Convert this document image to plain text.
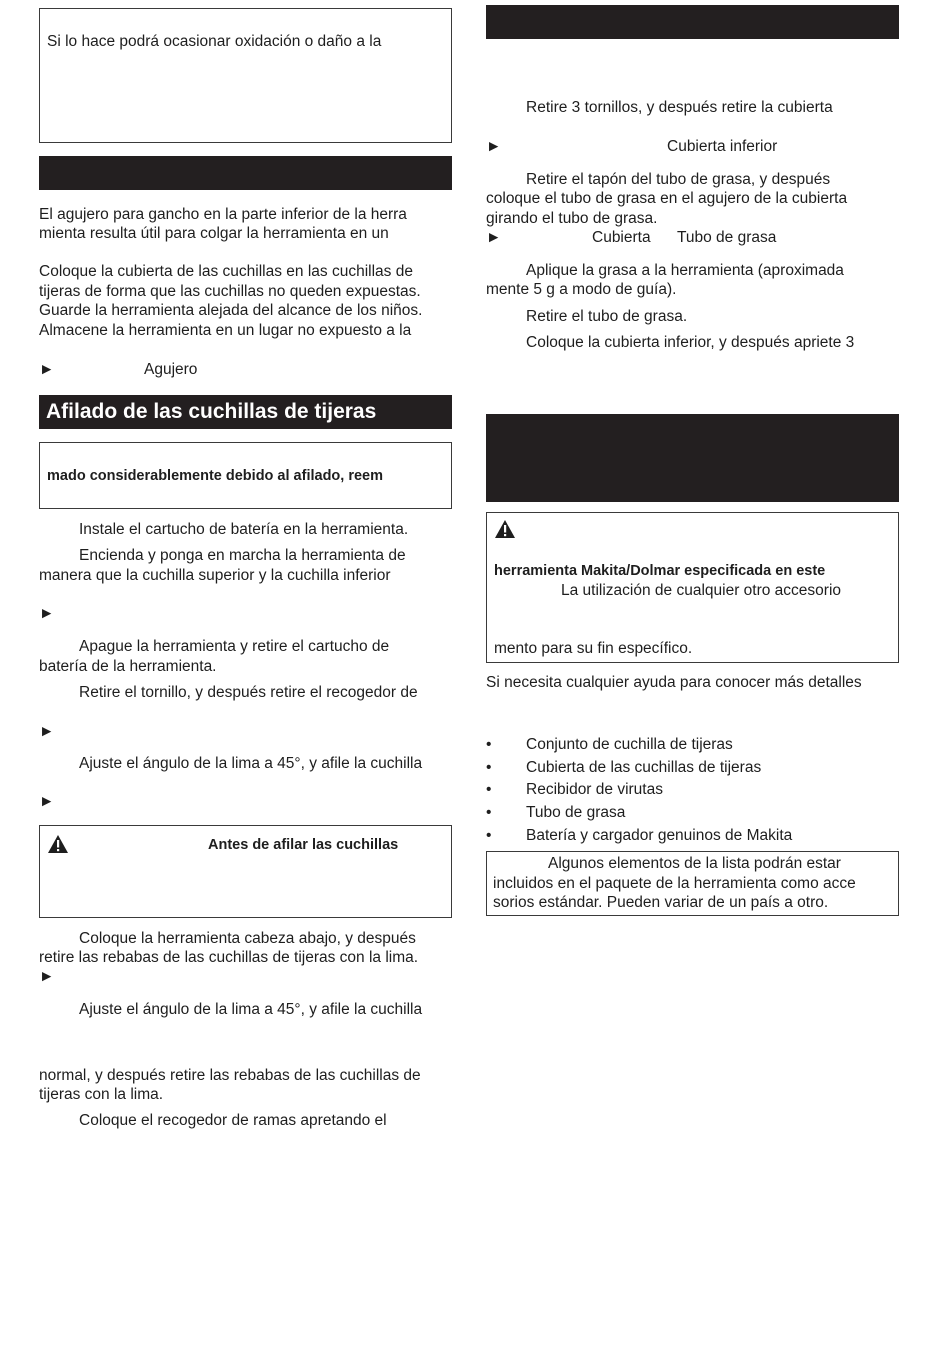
Si lo hace podrá ocasionar oxidación o daño a la
El agujero para gancho en la parte inferior de la herra
mienta resulta útil para colgar la herramienta en un
Coloque la cubierta de las cuchillas en las cuchillas de
tijeras de forma que las cuchillas no queden expuestas.
Guarde la herramienta alejada del alcance de los niños.
Almacene la herramienta en un lugar no expuesto a la
►	Agujero
Afilado de las cuchillas de tijeras
mado considerablemente debido al afilado, reem
Instale el cartucho de batería en la herramienta.
Encienda y ponga en marcha la herramienta de
manera que la cuchilla superior y la cuchilla inferior
►
Apague la herramienta y retire el cartucho de
batería de la herramienta.
Retire el tornillo, y después retire el recogedor de
►
Ajuste el ángulo de la lima a 45°, y afile la cuchilla
►
Antes de afilar las cuchillas
Coloque la herramienta cabeza abajo, y después
retire las rebabas de las cuchillas de tijeras con la lima.
►
Ajuste el ángulo de la lima a 45°, y afile la cuchilla
normal, y después retire las rebabas de las cuchillas de
tijeras con la lima.
Coloque el recogedor de ramas apretando el
Retire 3 tornillos, y después retire la cubierta
►	Cubierta inferior
Retire el tapón del tubo de grasa, y después
coloque el tubo de grasa en el agujero de la cubierta
girando el tubo de grasa.
►	Cubierta Tubo de grasa
Aplique la grasa a la herramienta (aproximada
mente 5 g a modo de guía).
Retire el tubo de grasa.
Coloque la cubierta inferior, y después apriete 3
herramienta Makita/Dolmar especificada en este
La utilización de cualquier otro accesorio
mento para su fin específico.
Si necesita cualquier ayuda para conocer más detalles
• Conjunto de cuchilla de tijeras
• Cubierta de las cuchillas de tijeras
• Recibidor de virutas
• Tubo de grasa
• Batería y cargador genuinos de Makita
Algunos elementos de la lista podrán estar
incluidos en el paquete de la herramienta como acce
sorios estándar. Pueden variar de un país a otro.
